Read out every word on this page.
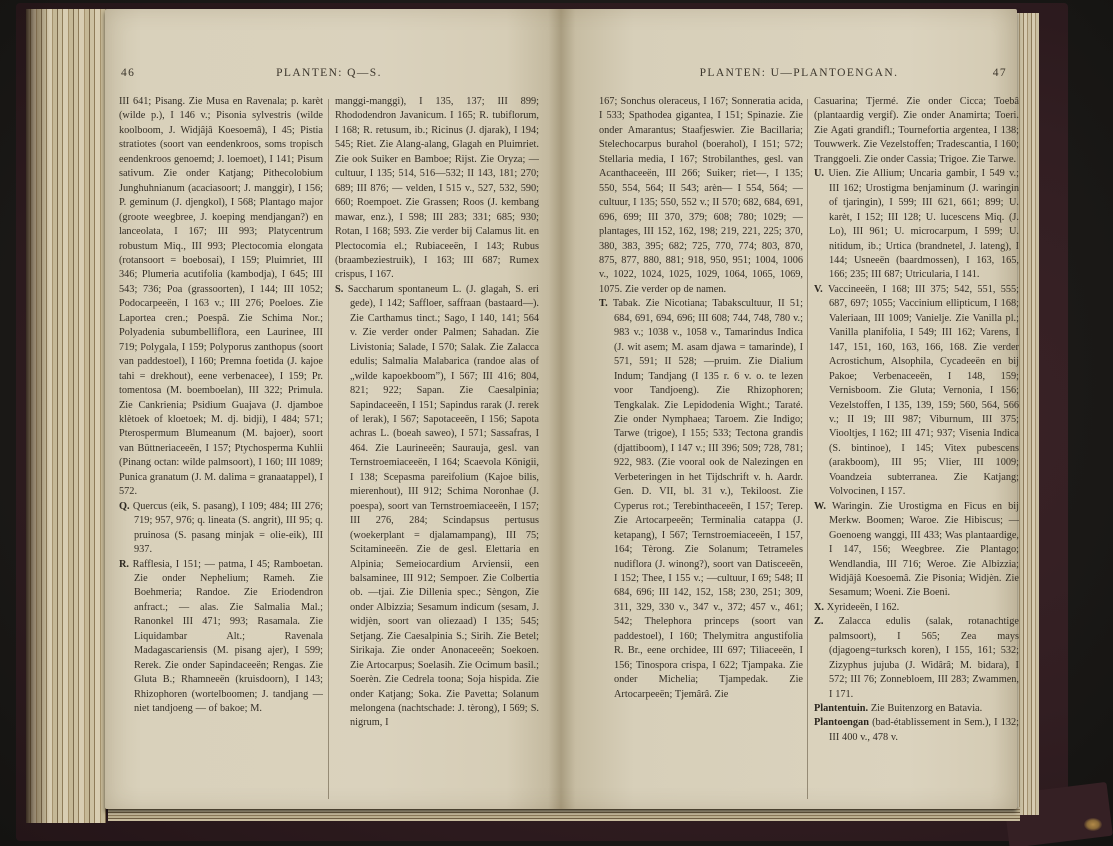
46	PLANTEN: Q—S.	PLANTEN: U—PLANTOENGAN.	47

III 641; Pisang. Zie Musa en Ravenala; p. karèt (wilde p.), I 146 v.; Pisonia sylvestris (wilde koolboom, J. Widjâjâ Koesoemâ), I 45; Pistia stratiotes (soort van eendenkroos, soms tropisch eendenkroos genoemd; J. loemoet), I 141; Pisum sativum. Zie onder Katjang; Pithecolobium Junghuhnianum (acaciasoort; J. manggir), I 156; P. geminum (J. djengkol), I 568; Plantago major (groote weegbree, J. koeping mendjangan?) en lanceolata, I 167; III 993; Platycentrum robustum Miq., III 993; Plectocomia elongata (rotansoort = boebosai), I 159; Pluimriet, III 346; Plumeria acutifolia (kambodja), I 645; III 543; 736; Poa (grassoorten), I 144; III 1052; Podocarpeeën, I 163 v.; III 276; Poeloes. Zie Laportea cren.; Poespâ. Zie Schima Nor.; Polyadenia subumbelliflora, een Laurinee, III 719; Polygala, I 159; Polyporus zanthopus (soort van paddestoel), I 160; Premna foetida (J. kajoe tahi = drekhout), eene verbenacee), I 159; Pr. tomentosa (M. boemboelan), III 322; Primula. Zie Cankrienia; Psidium Guajava (J. djamboe klètoek of kloetoek; M. dj. bidji), I 484; 571; Pterospermum Blumeanum (M. bajoer), soort van Büttneriaceeën, I 157; Ptychosperma Kuhlii (Pinang octan: wilde palmsoort), I 160; III 1089; Punica granatum (J. M. dalima = granaatappel), I 572.

Q. Quercus (eik, S. pasang), I 109; 484; III 276; 719; 957, 976; q. lineata (S. angrit), III 95; q. pruinosa (S. pasang minjak = olie-eik), III 937.

R. Rafflesia, I 151; — patma, I 45; Ramboetan. Zie onder Nephelium; Rameh. Zie Boehmeria; Randoe. Zie Eriodendron anfract.; — alas. Zie Salmalia Mal.; Ranonkel III 471; 993; Rasamala. Zie Liquidambar Alt.; Ravenala Madagascariensis (M. pisang ajer), I 599; Rerek. Zie onder Sapindaceeën; Rengas. Zie Gluta B.; Rhamneeën (kruisdoorn), I 143; Rhizophoren (wortelboomen; J. tandjang — niet tandjoeng — of bakoe; M.

manggi-manggi), I 135, 137; III 899; Rhododendron Javanicum. I 165; R. tubiflorum, I 168; R. retusum, ib.; Ricinus (J. djarak), I 194; 545; Riet. Zie Alang-alang, Glagah en Pluimriet. Zie ook Suiker en Bamboe; Rijst. Zie Oryza; — cultuur, I 135; 514, 516—532; II 143, 181; 270; 689; III 876; — velden, I 515 v., 527, 532, 590; 660; Roempoet. Zie Grassen; Roos (J. kembang mawar, enz.), I 598; III 283; 331; 685; 930; Rotan, I 168; 593. Zie verder bij Calamus lit. en Plectocomia el.; Rubiaceeën, I 143; Rubus (braambeziestruik), I 163; III 687; Rumex crispus, I 167.

S. Saccharum spontaneum L. (J. glagah, S. eri gede), I 142; Saffloer, saffraan (bastaard—). Zie Carthamus tinct.; Sago, I 140, 141; 564 v. Zie verder onder Palmen; Sahadan. Zie Livistonia; Salade, I 570; Salak. Zie Zalacca edulis; Salmalia Malabarica (randoe alas of „wilde kapoekboom”), I 567; III 416; 804, 821; 922; Sapan. Zie Caesalpinia; Sapindaceeën, I 151; Sapindus rarak (J. rerek of lerak), I 567; Sapotaceeën, I 156; Sapota achras L. (boeah saweo), I 571; Sassafras, I 464. Zie Laurineeën; Saurauja, gesl. van Ternstroemiaceeën, I 164; Scaevola Königii, I 138; Scepasma pareifolium (Kajoe bilis, mierenhout), III 912; Schima Noronhae (J. poespa), soort van Ternstroemiaceeën, I 157; III 276, 284; Scindapsus pertusus (woekerplant = djalamampang), III 75; Scitamineeën. Zie de gesl. Elettaria en Alpinia; Semeiocardium Arviensii, een balsaminee, III 912; Sempoer. Zie Colbertia ob. —tjai. Zie Dillenia spec.; Sèngon, Zie onder Albizzia; Sesamum indicum (sesam, J. widjèn, soort van oliezaad) I 135; 545; Setjang. Zie Caesalpinia S.; Sirih. Zie Betel; Sirikaja. Zie onder Anonaceeën; Soekoen. Zie Artocarpus; Soelasih. Zie Ocimum basil.; Soerèn. Zie Cedrela toona; Soja hispida. Zie onder Katjang; Soka. Zie Pavetta; Solanum melongena (nachtschade: J. tèrong), I 569; S. nigrum, I

167; Sonchus oleraceus, I 167; Sonneratia acida, I 533; Spathodea gigantea, I 151; Spinazie. Zie onder Amarantus; Staafjeswier. Zie Bacillaria; Stelechocarpus burahol (boerahol), I 151; 572; Stellaria media, I 167; Strobilanthes, gesl. van Acanthaceeën, III 266; Suiker; riet—, I 135; 550, 554, 564; II 543; arèn— I 554, 564; —cultuur, I 135; 550, 552 v.; II 570; 682, 684, 691, 696, 699; III 370, 379; 608; 780; 1029; — plantages, III 152, 162, 198; 219, 221, 225; 370, 380, 383, 395; 682; 725, 770, 774; 803, 870, 875, 877, 880, 881; 918, 950, 951; 1004, 1006 v., 1022, 1024, 1025, 1029, 1064, 1065, 1069, 1075. Zie verder op de namen.

T. Tabak. Zie Nicotiana; Tabakscultuur, II 51; 684, 691, 694, 696; III 608; 744, 748, 780 v.; 983 v.; 1038 v., 1058 v., Tamarindus Indica (J. wit asem; M. asam djawa = tamarinde), I 571, 591; II 528; —pruim. Zie Dialium Indum; Tandjang (I 135 r. 6 v. o. te lezen voor Tandjoeng). Zie Rhizophoren; Tengkalak. Zie Lepidodenia Wight.; Taraté. Zie onder Nymphaea; Taroem. Zie Indigo; Tarwe (trigoe), I 155; 533; Tectona grandis (djattiboom), I 147 v.; III 396; 509; 728, 781; 922, 983. (Zie vooral ook de Nalezingen en Verbeteringen in het Tijdschrift v. h. Aardr. Gen. D. VII, bl. 31 v.), Tekiloost. Zie Cyperus rot.; Terebinthaceeën, I 157; Terep. Zie Artocarpeeën; Terminalia catappa (J. ketapang), I 567; Ternstroemiaceeën, I 157, 164; Tèrong. Zie Solanum; Tetrameles nudiflora (J. winong?), soort van Datisceeën, I 152; Thee, I 155 v.; —cultuur, I 69; 548; II 684, 696; III 142, 152, 158; 230, 251; 309, 311, 329, 330 v., 347 v., 372; 457 v., 461; 542; Thelephora princeps (soort van paddestoel), I 160; Thelymitra angustifolia R. Br., eene orchidee, III 697; Tiliaceeën, I 156; Tinospora crispa, I 622; Tjampaka. Zie onder Michelia; Tjampedak. Zie Artocarpeeën; Tjemârâ. Zie

Casuarina; Tjermé. Zie onder Cicca; Toebâ (plantaardig vergif). Zie onder Anamirta; Toeri. Zie Agati grandifl.; Tournefortia argentea, I 138; Touwwerk. Zie Vezelstoffen; Tradescantia, I 160; Tranggoeli. Zie onder Cassia; Trigoe. Zie Tarwe.

U. Uien. Zie Allium; Uncaria gambir, I 549 v.; III 162; Urostigma benjaminum (J. waringin of tjaringin), I 599; III 621, 661; 899; U. karèt, I 152; III 128; U. lucescens Miq. (J. Lo), III 961; U. microcarpum, I 599; U. nitidum, ib.; Urtica (brandnetel, J. lateng), I 144; Usneeën (baardmossen), I 163, 165, 166; 235; III 687; Utricularia, I 141.

V. Vaccineeën, I 168; III 375; 542, 551, 555; 687, 697; 1055; Vaccinium ellipticum, I 168; Valeriaan, III 1009; Vanielje. Zie Vanilla pl.; Vanilla planifolia, I 549; III 162; Varens, I 147, 151, 160, 163, 166, 168. Zie verder Acrostichum, Alsophila, Cycadeeën en bij Pakoe; Verbenaceeën, I 148, 159; Vernisboom. Zie Gluta; Vernonia, I 156; Vezelstoffen, I 135, 139, 159; 560, 564, 566 v.; II 19; III 987; Viburnum, III 375; Viooltjes, I 162; III 471; 937; Visenia Indica (S. bintinoe), I 145; Vitex pubescens (arakboom), III 95; Vlier, III 1009; Voandzeia subterranea. Zie Katjang; Volvocinen, I 157.

W. Waringin. Zie Urostigma en Ficus en bij Merkw. Boomen; Waroe. Zie Hibiscus; — Goenoeng wanggi, III 433; Was plantaardige, I 147, 156; Weegbree. Zie Plantago; Wendlandia, III 716; Weroe. Zie Albizzia; Widjâjâ Koesoemâ. Zie Pisonia; Widjèn. Zie Sesamum; Woeni. Zie Boeni.

X. Xyrideeën, I 162.

Z. Zalacca edulis (salak, rotanachtige palmsoort), I 565; Zea mays (djagoeng=turksch koren), I 155, 161; 532; Zizyphus jujuba (J. Widârâ; M. bidara), I 572; III 76; Zonnebloem, III 283; Zwammen, I 171.

Plantentuin. Zie Buitenzorg en Batavia.

Plantoengan (bad-établissement in Sem.), I 132; III 400 v., 478 v.
